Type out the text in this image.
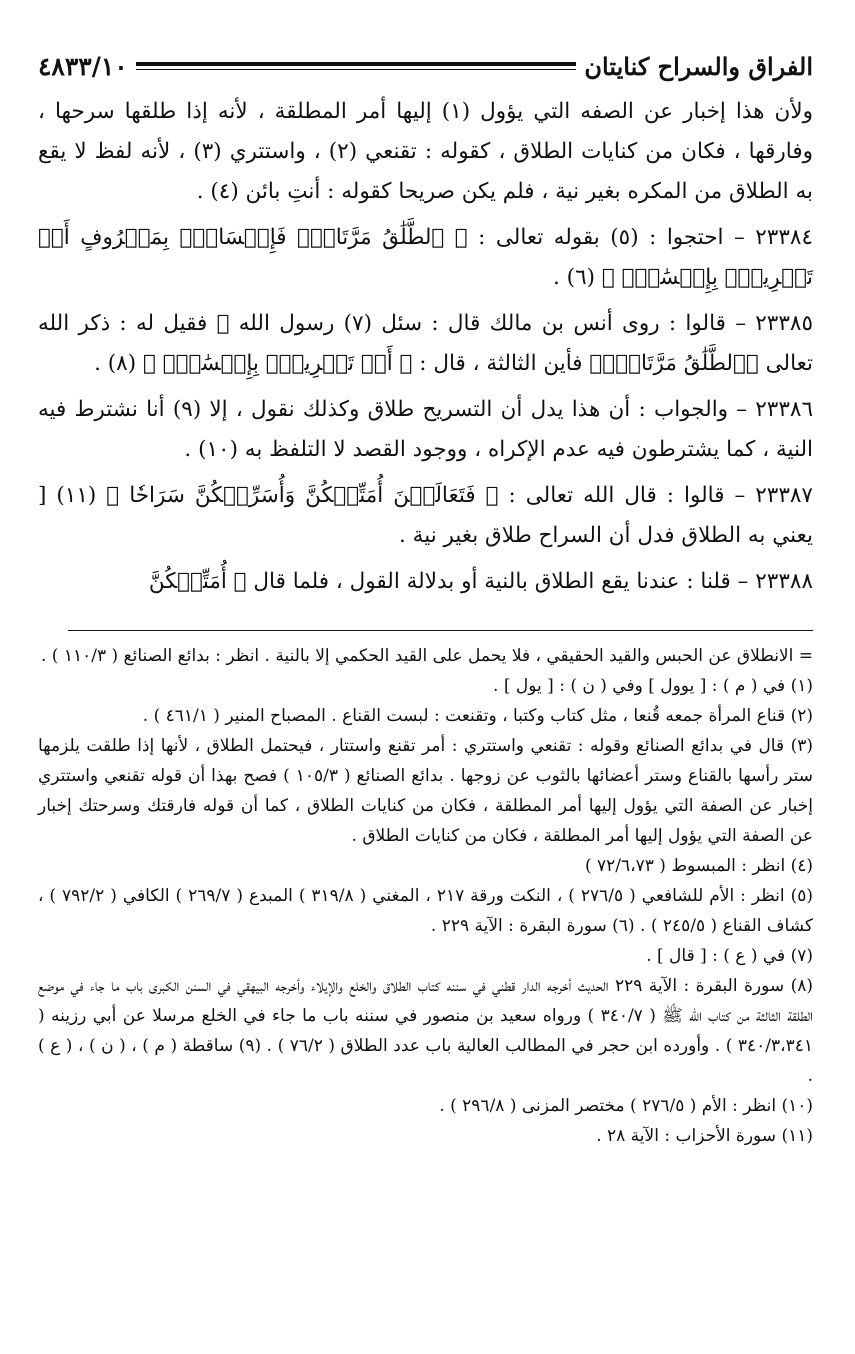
الفراق والسراح كنايتان
٤٨٣٣/١٠

ولأن هذا إخبار عن الصفه التي يؤول (١) إليها أمر المطلقة ، لأنه إذا طلقها سرحها ، وفارقها ، فكان من كنايات الطلاق ، كقوله : تقنعي (٢) ، واستتري (٣) ، لأنه لفظ لا يقع به الطلاق من المكره بغير نية ، فلم يكن صريحا كقوله : أنتِ بائن (٤) .

٢٣٣٨٤ – احتجوا : (٥) بقوله تعالى : ﴿ ٱلطَّلَٰقُ مَرَّتَانِۖ فَإِمۡسَاكُۢ بِمَعۡرُوفٍ أَوۡ تَسۡرِيحُۢ بِإِحۡسَٰنٖۗ ﴾ (٦) .

٢٣٣٨٥ – قالوا : روى أنس بن مالك قال : سئل (٧) رسول الله ﷺ فقيل له : ذكر الله تعالى ﴿ٱلطَّلَٰقُ مَرَّتَانِۖ﴾ فأين الثالثة ، قال : ﴿ أَوۡ تَسۡرِيحُۢ بِإِحۡسَٰنٖۗ ﴾ (٨) .

٢٣٣٨٦ – والجواب : أن هذا يدل أن التسريح طلاق وكذلك نقول ، إلا (٩) أنا نشترط فيه النية ، كما يشترطون فيه عدم الإكراه ، ووجود القصد لا التلفظ به (١٠) .

٢٣٣٨٧ – قالوا : قال الله تعالى : ﴿ فَتَعَالَيۡنَ أُمَتِّعۡكُنَّ وَأُسَرِّحۡكُنَّ سَرَاحٗا ﴾ (١١) [ يعني به الطلاق فدل أن السراح طلاق بغير نية .

٢٣٣٨٨ – قلنا : عندنا يقع الطلاق بالنية أو بدلالة القول ، فلما قال ﴿ أُمَتِّعۡكُنَّ

= الانطلاق عن الحبس والقيد الحقيقي ، فلا يحمل على القيد الحكمي إلا بالنية . انظر : بدائع الصنائع ( ١١٠/٣ ) .

(١) في ( م ) : [ يوول ] وفي ( ن ) : [ يول ] .

(٢) قناع المرأة جمعه قُنعا ، مثل كتاب وكتبا ، وتقنعت : لبست القناع . المصباح المنير ( ٤٦١/١ ) .

(٣) قال في بدائع الصنائع وقوله : تقنعي واستتري : أمر تقنع واستتار ، فيحتمل الطلاق ، لأنها إذا طلقت يلزمها ستر رأسها بالقناع وستر أعضائها بالثوب عن زوجها . بدائع الصنائع ( ١٠٥/٣ ) فصح بهذا أن قوله تقنعي واستتري إخبار عن الصفة التي يؤول إليها أمر المطلقة ، فكان من كنايات الطلاق ، كما أن قوله فارقتك وسرحتك إخبار عن الصفة التي يؤول إليها أمر المطلقة ، فكان من كنايات الطلاق .

(٤) انظر : المبسوط ( ٧٢/٦،٧٣ )

(٥) انظر : الأم للشافعي ( ٢٧٦/٥ ) ، النكت ورقة ٢١٧ ، المغني ( ٣١٩/٨ ) المبدع ( ٢٦٩/٧ ) الكافي ( ٧٩٢/٢ ) ، كشاف القناع ( ٢٤٥/٥ ) . (٦) سورة البقرة : الآية ٢٢٩ .

(٧) في ( ع ) : [ قال ] .

(٨) سورة البقرة : الآية ٢٢٩ الحديث أخرجه الدار قطني في سننه كتاب الطلاق والخلع والإيلاء وأخرجه البيهقي في السنن الكبرى باب ما جاء في موضع الطلقة الثالثة من كتاب الله ﷺ ( ٣٤٠/٧ ) ورواه سعيد بن منصور في سننه باب ما جاء في الخلع مرسلا عن أبي رزينه ( ٣٤٠/٣،٣٤١ ) . وأورده ابن حجر في المطالب العالية باب عدد الطلاق ( ٧٦/٢ ) . (٩) ساقطة ( م ) ، ( ن ) ، ( ع ) .

(١٠) انظر : الأم ( ٢٧٦/٥ ) مختصر المزنى ( ٢٩٦/٨ ) .

(١١) سورة الأحزاب : الآية ٢٨ .
